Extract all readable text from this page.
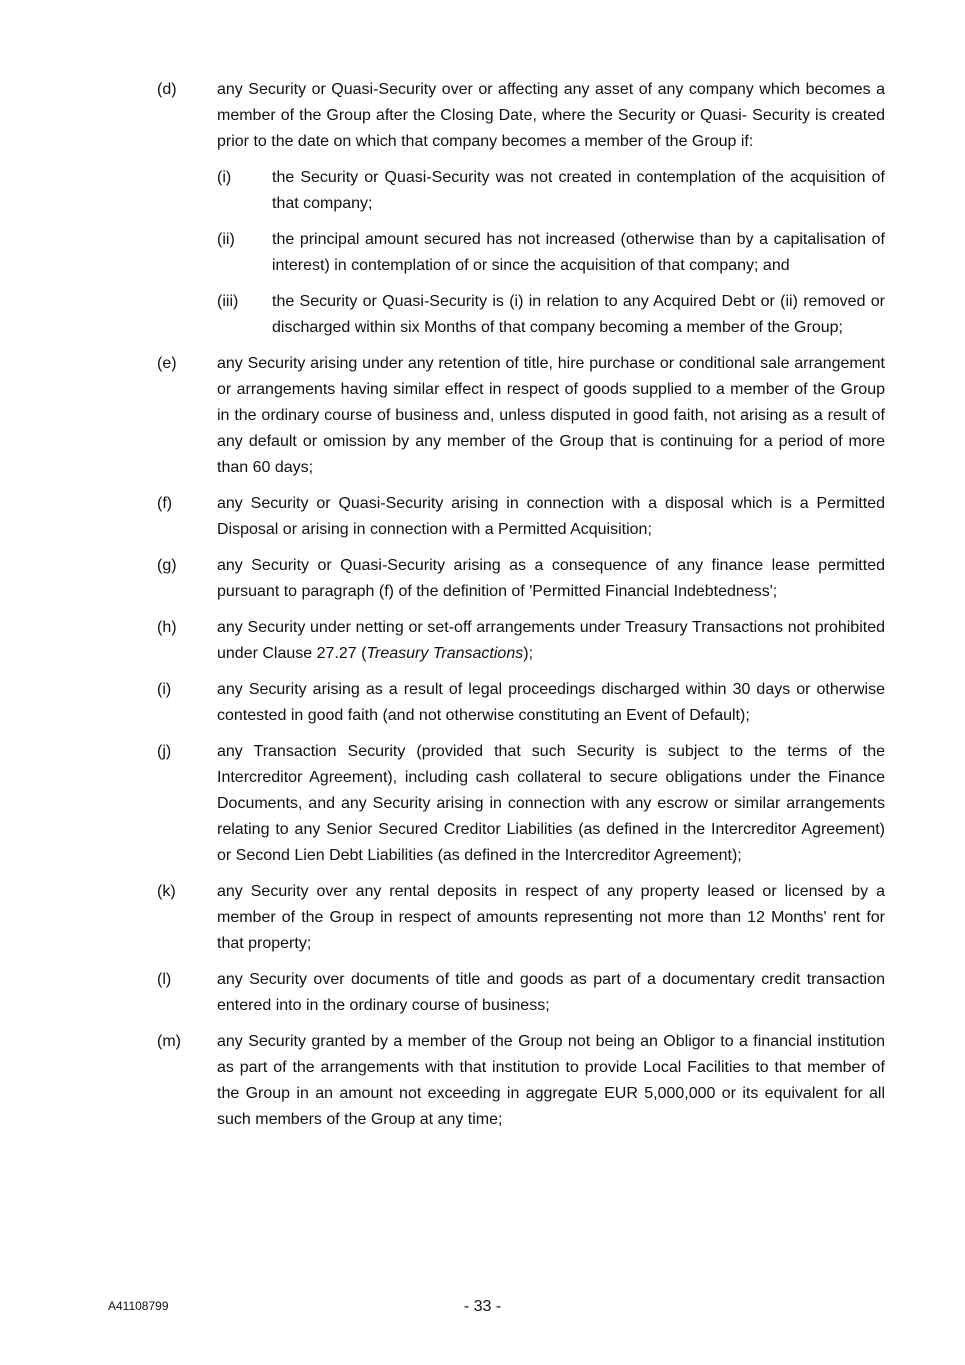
(d)	any Security or Quasi-Security over or affecting any asset of any company which becomes a member of the Group after the Closing Date, where the Security or Quasi- Security is created prior to the date on which that company becomes a member of the Group if:
(i)	the Security or Quasi-Security was not created in contemplation of the acquisition of that company;
(ii)	the principal amount secured has not increased (otherwise than by a capitalisation of interest) in contemplation of or since the acquisition of that company; and
(iii)	the Security or Quasi-Security is (i) in relation to any Acquired Debt or (ii) removed or discharged within six Months of that company becoming a member of the Group;
(e)	any Security arising under any retention of title, hire purchase or conditional sale arrangement or arrangements having similar effect in respect of goods supplied to a member of the Group in the ordinary course of business and, unless disputed in good faith, not arising as a result of any default or omission by any member of the Group that is continuing for a period of more than 60 days;
(f)	any Security or Quasi-Security arising in connection with a disposal which is a Permitted Disposal or arising in connection with a Permitted Acquisition;
(g)	any Security or Quasi-Security arising as a consequence of any finance lease permitted pursuant to paragraph (f) of the definition of 'Permitted Financial Indebtedness';
(h)	any Security under netting or set-off arrangements under Treasury Transactions not prohibited under Clause 27.27 (Treasury Transactions);
(i)	any Security arising as a result of legal proceedings discharged within 30 days or otherwise contested in good faith (and not otherwise constituting an Event of Default);
(j)	any Transaction Security (provided that such Security is subject to the terms of the Intercreditor Agreement), including cash collateral to secure obligations under the Finance Documents, and any Security arising in connection with any escrow or similar arrangements relating to any Senior Secured Creditor Liabilities (as defined in the Intercreditor Agreement) or Second Lien Debt Liabilities (as defined in the Intercreditor Agreement);
(k)	any Security over any rental deposits in respect of any property leased or licensed by a member of the Group in respect of amounts representing not more than 12 Months' rent for that property;
(l)	any Security over documents of title and goods as part of a documentary credit transaction entered into in the ordinary course of business;
(m)	any Security granted by a member of the Group not being an Obligor to a financial institution as part of the arrangements with that institution to provide Local Facilities to that member of the Group in an amount not exceeding in aggregate EUR 5,000,000 or its equivalent for all such members of the Group at any time;
A41108799	- 33 -
